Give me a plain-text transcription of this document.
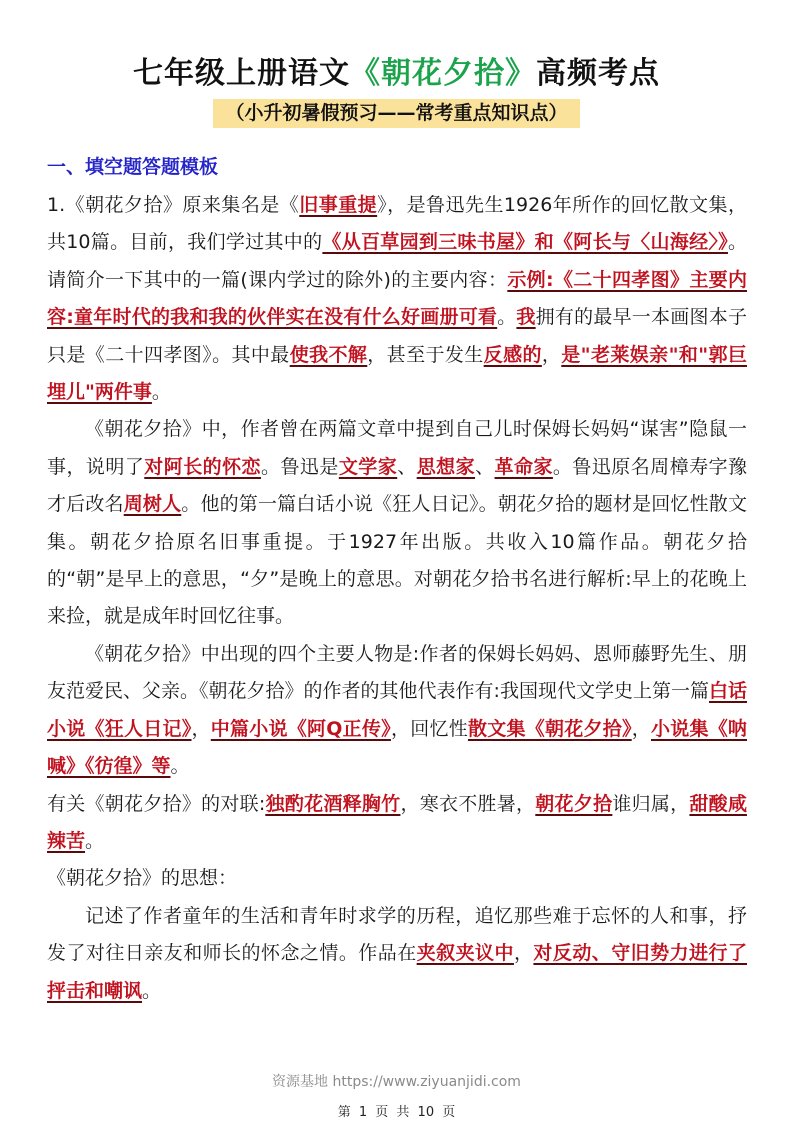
七年级上册语文《朝花夕拾》高频考点
（小升初暑假预习——常考重点知识点）
一、填空题答题模板

1.《朝花夕拾》原来集名是《旧事重提》，是鲁迅先生1926年所作的回忆散文集，共10篇。目前，我们学过其中的《从百草园到三味书屋》和《阿长与〈山海经〉》。请简介一下其中的一篇(课内学过的除外)的主要内容：示例:《二十四孝图》主要内容:童年时代的我和我的伙伴实在没有什么好画册可看。我拥有的最早一本画图本子只是《二十四孝图》。其中最使我不解，甚至于发生反感的，是"老莱娱亲"和"郭巨埋儿"两件事。

《朝花夕拾》中，作者曾在两篇文章中提到自己儿时保姆长妈妈“谋害”隐鼠一事，说明了对阿长的怀恋。鲁迅是文学家、思想家、革命家。鲁迅原名周樟寿字豫才后改名周树人。他的第一篇白话小说《狂人日记》。朝花夕拾的题材是回忆性散文集。朝花夕拾原名旧事重提。于1927年出版。共收入10篇作品。朝花夕拾的“朝”是早上的意思，“夕”是晚上的意思。对朝花夕拾书名进行解析:早上的花晚上来捡，就是成年时回忆往事。

《朝花夕拾》中出现的四个主要人物是:作者的保姆长妈妈、恩师藤野先生、朋友范爱民、父亲。《朝花夕拾》的作者的其他代表作有:我国现代文学史上第一篇白话小说《狂人日记》，中篇小说《阿Q正传》，回忆性散文集《朝花夕拾》，小说集《呐喊》《彷徨》等。

有关《朝花夕拾》的对联:独酌花酒释胸竹，寒衣不胜暑，朝花夕拾谁归属，甜酸咸辣苦。

《朝花夕拾》的思想：

记述了作者童年的生活和青年时求学的历程，追忆那些难于忘怀的人和事，抒发了对往日亲友和师长的怀念之情。作品在夹叙夹议中，对反动、守旧势力进行了抨击和嘲讽。

资源基地 https://www.ziyuanjidi.com
第 1 页 共 10 页
